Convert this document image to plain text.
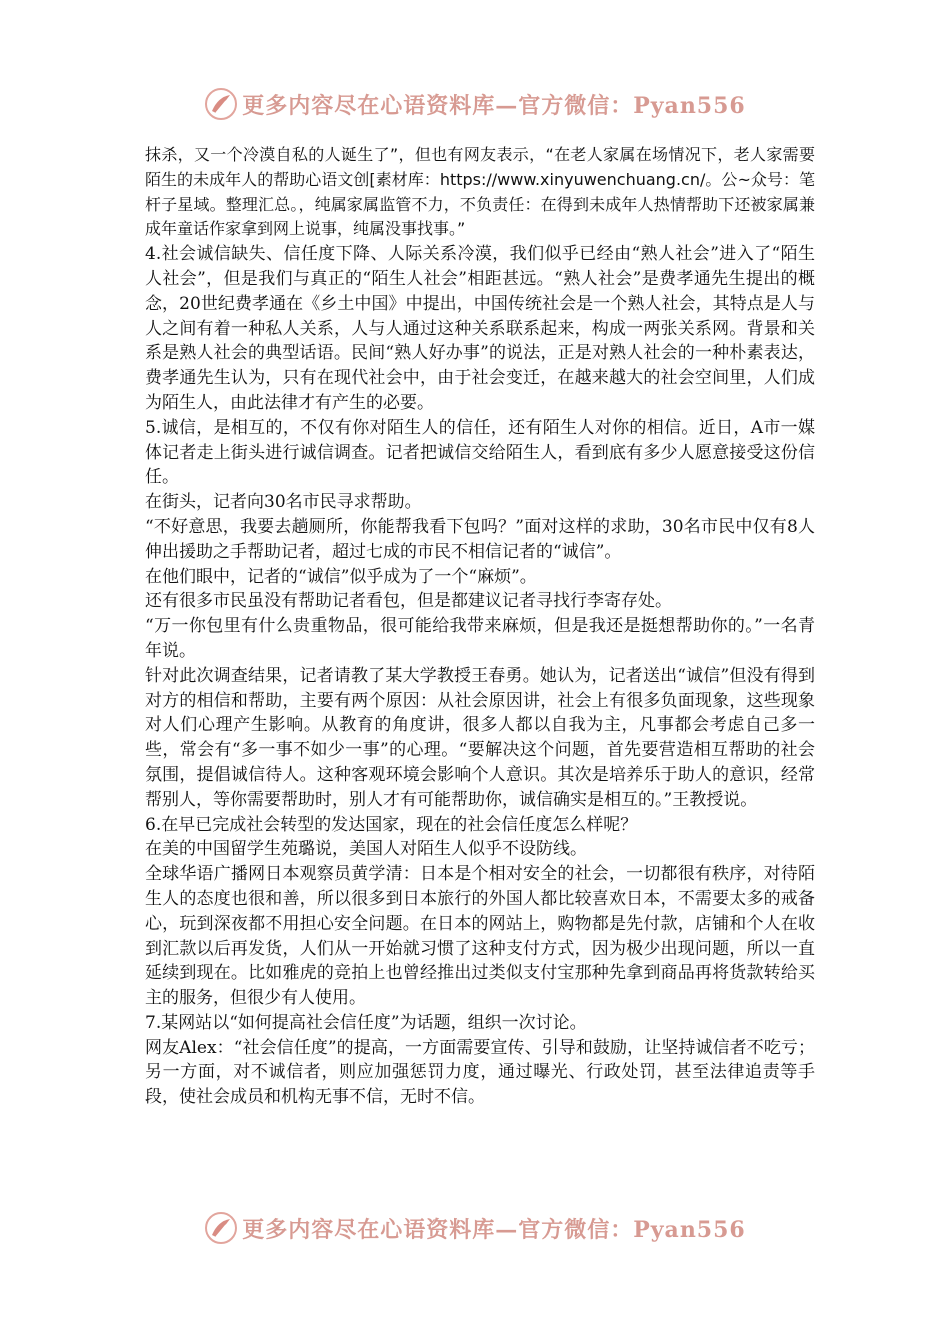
更多内容尽在心语资料库—官方微信：Pyan556

抹杀，又一个冷漠自私的人诞生了”，但也有网友表示，“在老人家属在场情况下，老人家需要陌生的未成年人的帮助心语文创[素材库：https://www.xinyuwenchuang.cn/。公~众号：笔杆子星域。整理汇总。，纯属家属监管不力，不负责任：在得到未成年人热情帮助下还被家属兼成年童话作家拿到网上说事，纯属没事找事。”

4.社会诚信缺失、信任度下降、人际关系冷漠，我们似乎已经由“熟人社会”进入了“陌生人社会”，但是我们与真正的“陌生人社会”相距甚远。“熟人社会”是费孝通先生提出的概念，20世纪费孝通在《乡土中国》中提出，中国传统社会是一个熟人社会，其特点是人与人之间有着一种私人关系，人与人通过这种关系联系起来，构成一两张关系网。背景和关系是熟人社会的典型话语。民间“熟人好办事”的说法，正是对熟人社会的一种朴素表达，费孝通先生认为，只有在现代社会中，由于社会变迁，在越来越大的社会空间里，人们成为陌生人，由此法律才有产生的必要。

5.诚信，是相互的，不仅有你对陌生人的信任，还有陌生人对你的相信。近日，A市一媒体记者走上街头进行诚信调查。记者把诚信交给陌生人，看到底有多少人愿意接受这份信任。

在街头，记者向30名市民寻求帮助。

“不好意思，我要去趟厕所，你能帮我看下包吗？”面对这样的求助，30名市民中仅有8人伸出援助之手帮助记者，超过七成的市民不相信记者的“诚信”。

在他们眼中，记者的“诚信”似乎成为了一个“麻烦”。

还有很多市民虽没有帮助记者看包，但是都建议记者寻找行李寄存处。

“万一你包里有什么贵重物品，很可能给我带来麻烦，但是我还是挺想帮助你的。”一名青年说。

针对此次调查结果，记者请教了某大学教授王春勇。她认为，记者送出“诚信”但没有得到对方的相信和帮助，主要有两个原因：从社会原因讲，社会上有很多负面现象，这些现象对人们心理产生影响。从教育的角度讲，很多人都以自我为主，凡事都会考虑自己多一些，常会有“多一事不如少一事”的心理。“要解决这个问题，首先要营造相互帮助的社会氛围，提倡诚信待人。这种客观环境会影响个人意识。其次是培养乐于助人的意识，经常帮别人，等你需要帮助时，别人才有可能帮助你，诚信确实是相互的。”王教授说。

6.在早已完成社会转型的发达国家，现在的社会信任度怎么样呢？

在美的中国留学生苑璐说，美国人对陌生人似乎不设防线。

全球华语广播网日本观察员黄学清：日本是个相对安全的社会，一切都很有秩序，对待陌生人的态度也很和善，所以很多到日本旅行的外国人都比较喜欢日本，不需要太多的戒备心，玩到深夜都不用担心安全问题。在日本的网站上，购物都是先付款，店铺和个人在收到汇款以后再发货，人们从一开始就习惯了这种支付方式，因为极少出现问题，所以一直延续到现在。比如雅虎的竞拍上也曾经推出过类似支付宝那种先拿到商品再将货款转给买主的服务，但很少有人使用。

7.某网站以“如何提高社会信任度”为话题，组织一次讨论。

网友Alex：“社会信任度”的提高，一方面需要宣传、引导和鼓励，让坚持诚信者不吃亏；另一方面，对不诚信者，则应加强惩罚力度，通过曝光、行政处罚，甚至法律追责等手段，使社会成员和机构无事不信，无时不信。

更多内容尽在心语资料库—官方微信：Pyan556
